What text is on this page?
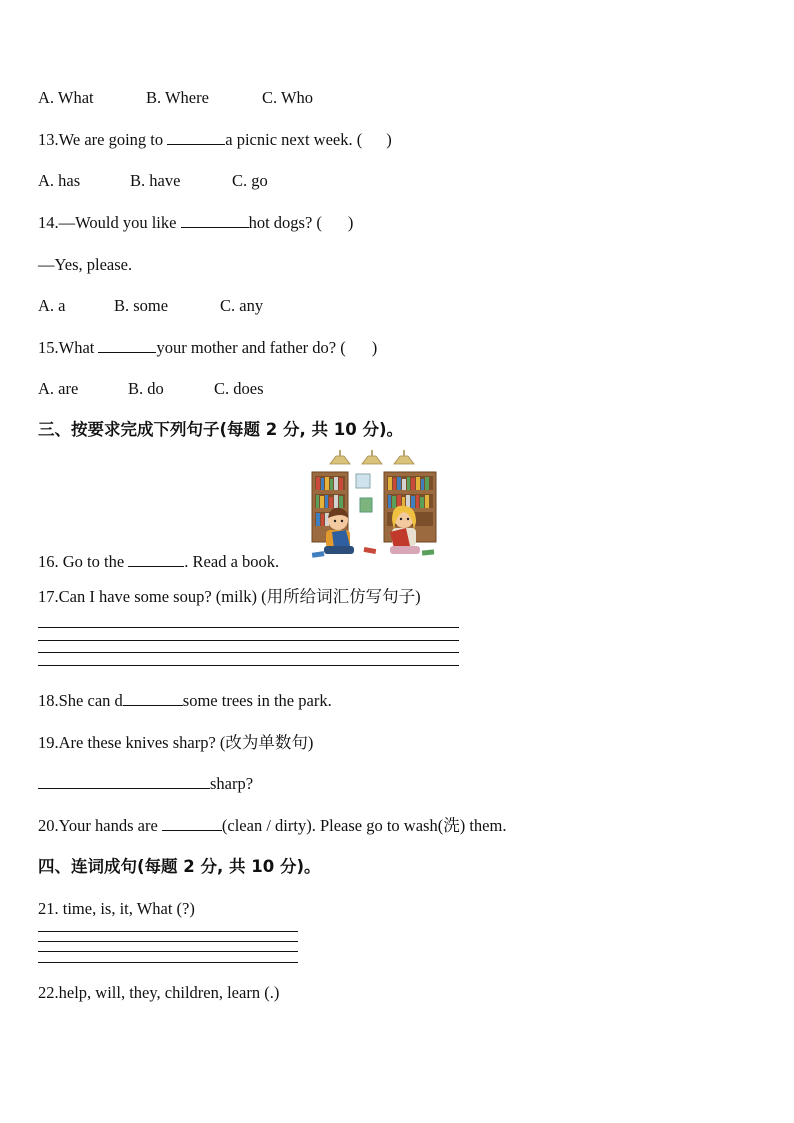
A. What	B. Where	C. Who
13.We are going to	a picnic next week. ( )
A. has	B. have	C. go
14.—Would you like	hot dogs? ( )
—Yes, please.
A. a	B. some	C. any
15.What	your mother and father do? ( )
A. are	B. do	C. does
三、按要求完成下列句子(每题 2 分, 共 10 分)。
16. Go to the	. Read a book.
17.Can I have some soup? (milk) (用所给词汇仿写句子)
18.She can d	some trees in the park.
19.Are these knives sharp? (改为单数句)
sharp?
20.Your hands are	(clean / dirty). Please go to wash(洗) them.
四、连词成句(每题 2 分, 共 10 分)。
21. time, is, it, What (?)
22.help, will, they, children, learn (.)
